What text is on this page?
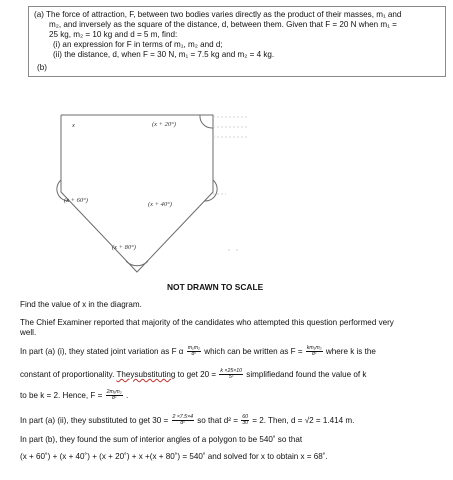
(a) The force of attraction, F, between two bodies varies directly as the product of their masses, m₁ and
m₂, and inversely as the square of the distance, d, between them. Given that F = 20 N when m₁ =
25 kg, m₂ = 10 kg and d = 5 m, find:
(i) an expression for F in terms of m₁, m₂ and d;
(ii) the distance, d, when F = 30 N, m₁ = 7.5 kg and m₂ = 4 kg.
(b)
x	(x + 20°)
(x + 60°)
(x + 40°)
(x + 80°)
NOT DRAWN TO SCALE
Find the value of x in the diagram.
The Chief Examiner reported that majority of the candidates who attempted this question performed very
well.
In part (a) (i), they stated joint variation as F α $\frac{\text{m₁m₂}}{\text{d²}}$ which can be written as $F = \frac{\text{km₁m₂}}{\text{d²}}$ where k is the
constant of proportionality. Theysubstituting to get $20 = \frac{k \times 25\times 10}{\text{5²}}$ simplifiedand found the value of k
to be k = 2. Hence, $F = \frac{\text{2m₁m₂}}{\text{d²}}$ .
In part (a) (ii), they substituted to get $30 = \frac{2 \times 7.5\times 4}{\text{d²}}$ so that $d^2 = \frac{60}{30} = 2$. Then, d = √2 = 1.414 m.
In part (b), they found the sum of interior angles of a polygon to be 540˚ so that
(x + 60˚) + (x + 40˚) + (x + 20˚) + x +(x + 80˚) = 540˚ and solved for x to obtain x = 68˚.
